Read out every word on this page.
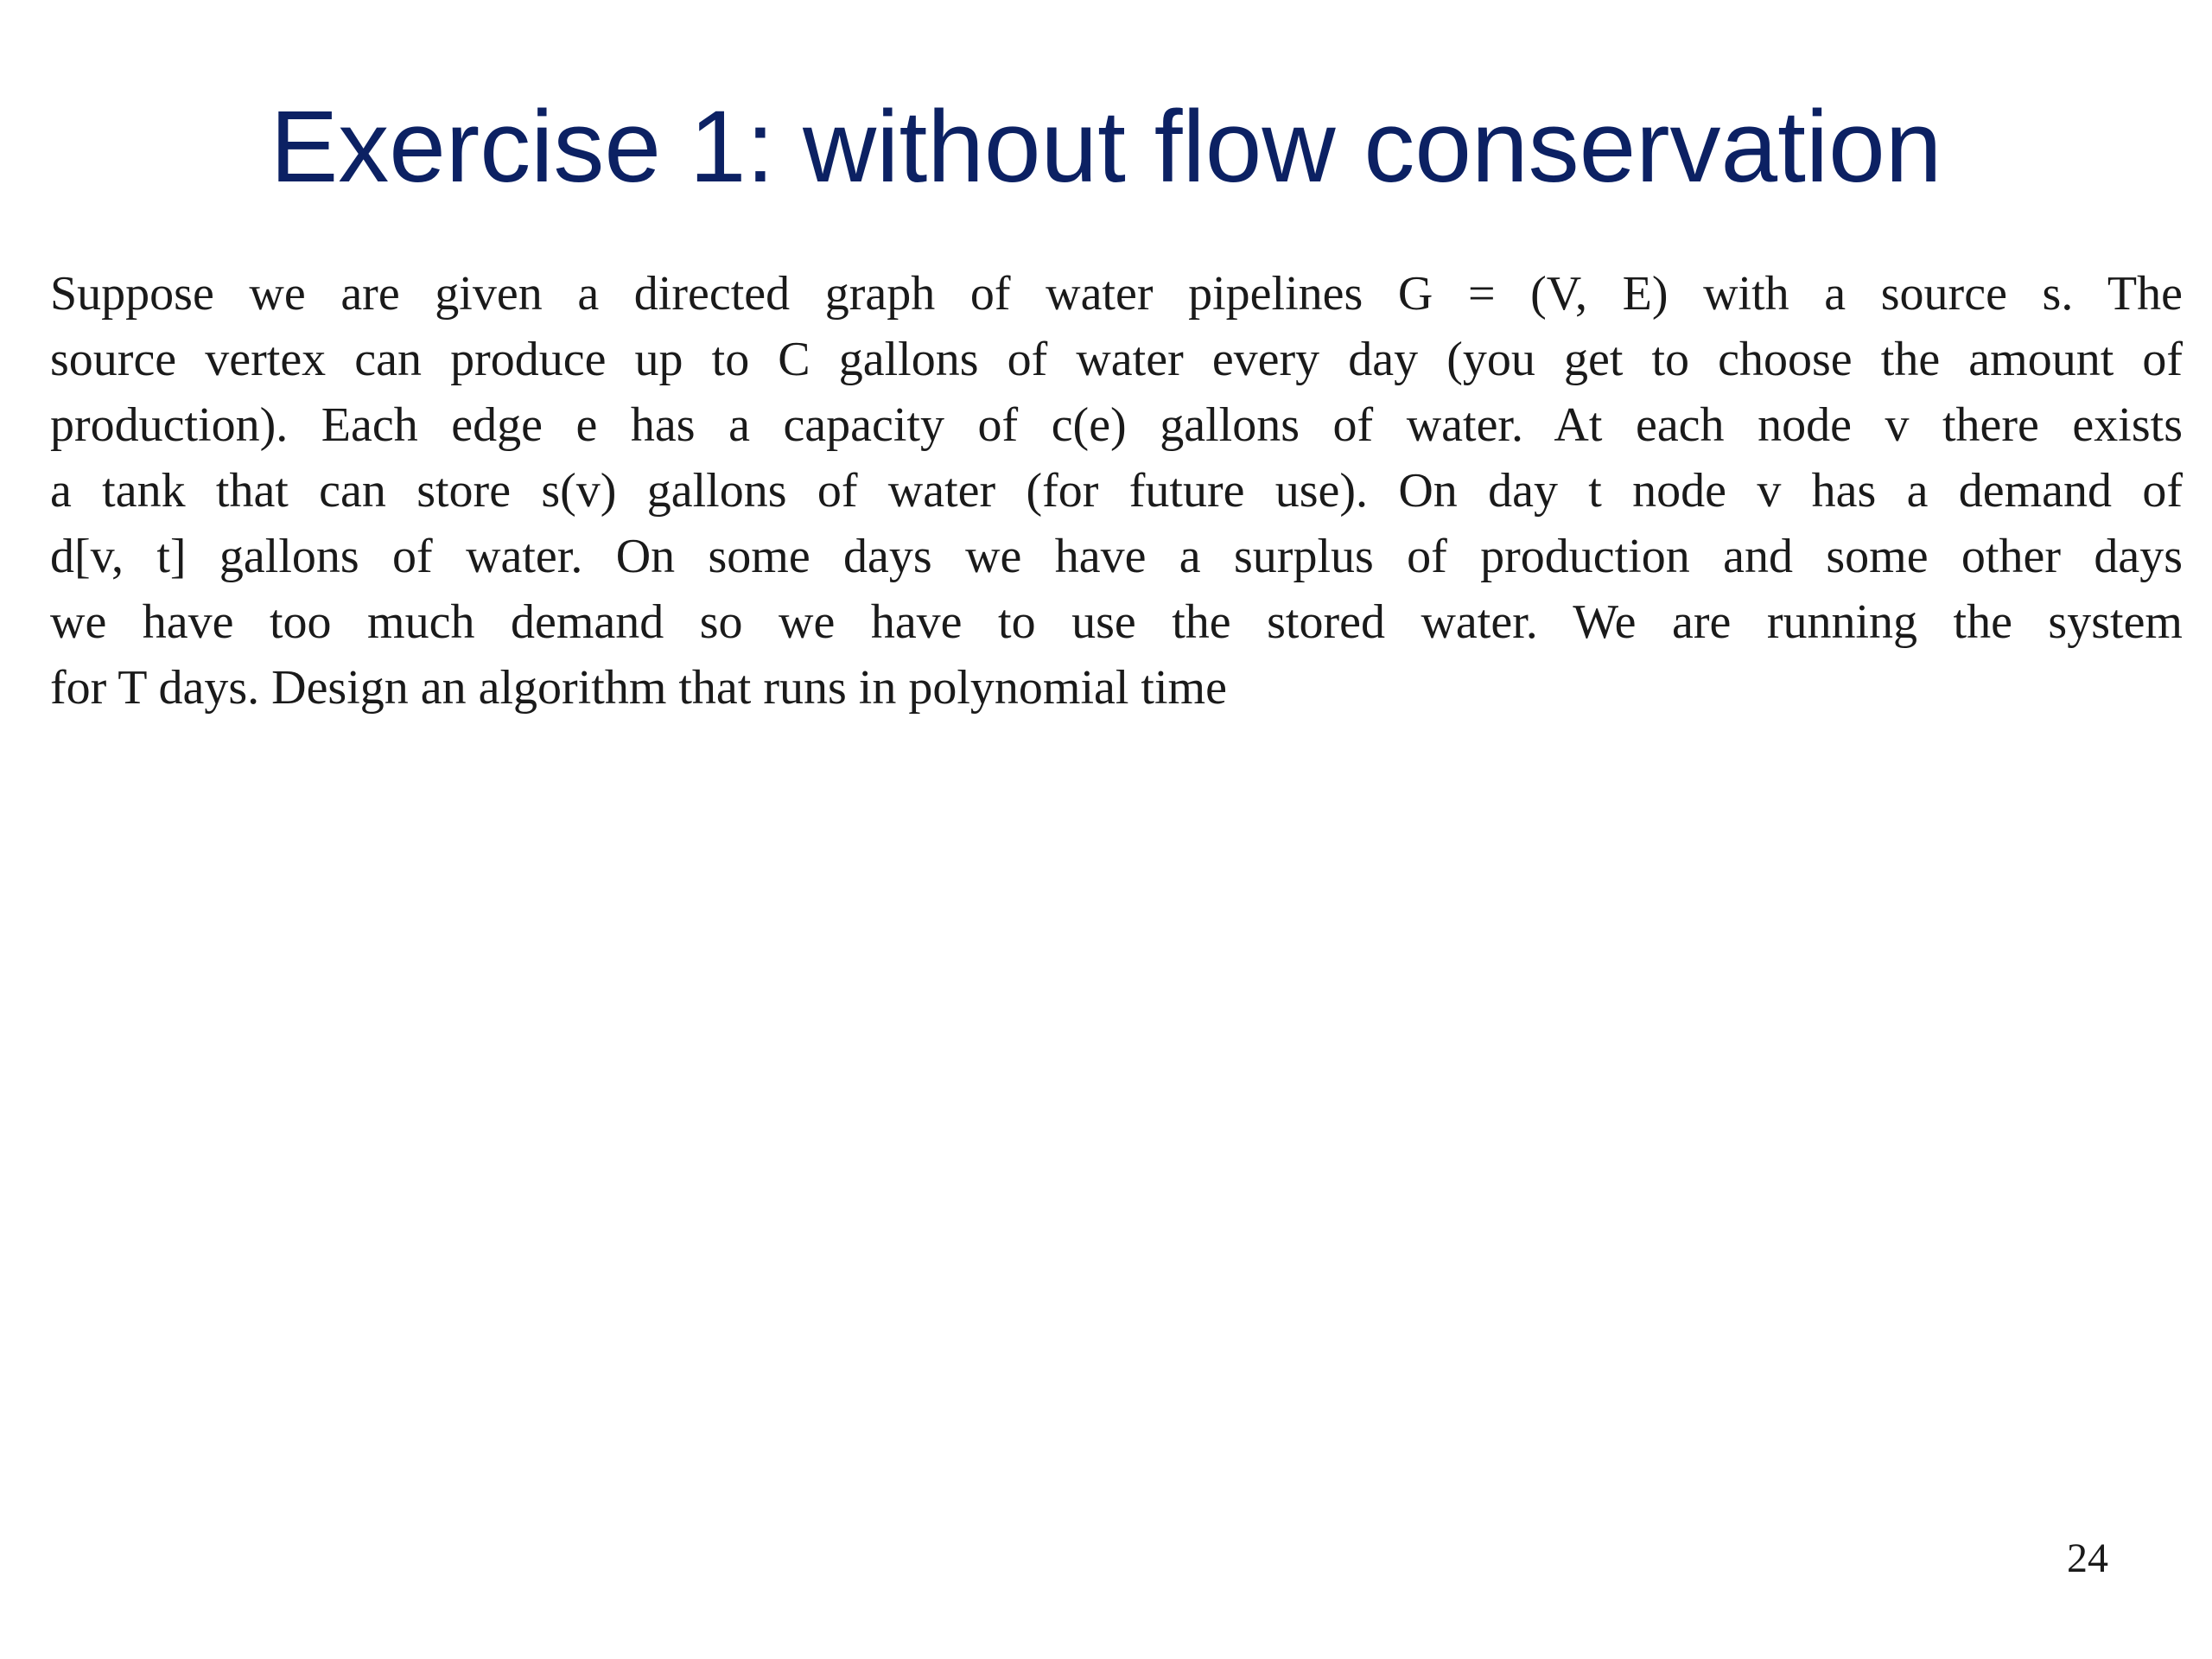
Exercise 1: without flow conservation
Suppose we are given a directed graph of water pipelines G = (V, E) with a source s. The
source vertex can produce up to C gallons of water every day (you get to choose the amount of
production). Each edge e has a capacity of c(e) gallons of water. At each node v there exists
a tank that can store s(v) gallons of water (for future use). On day t node v has a demand of
d[v, t] gallons of water. On some days we have a surplus of production and some other days
we have too much demand so we have to use the stored water. We are running the system
for T days. Design an algorithm that runs in polynomial time
24
